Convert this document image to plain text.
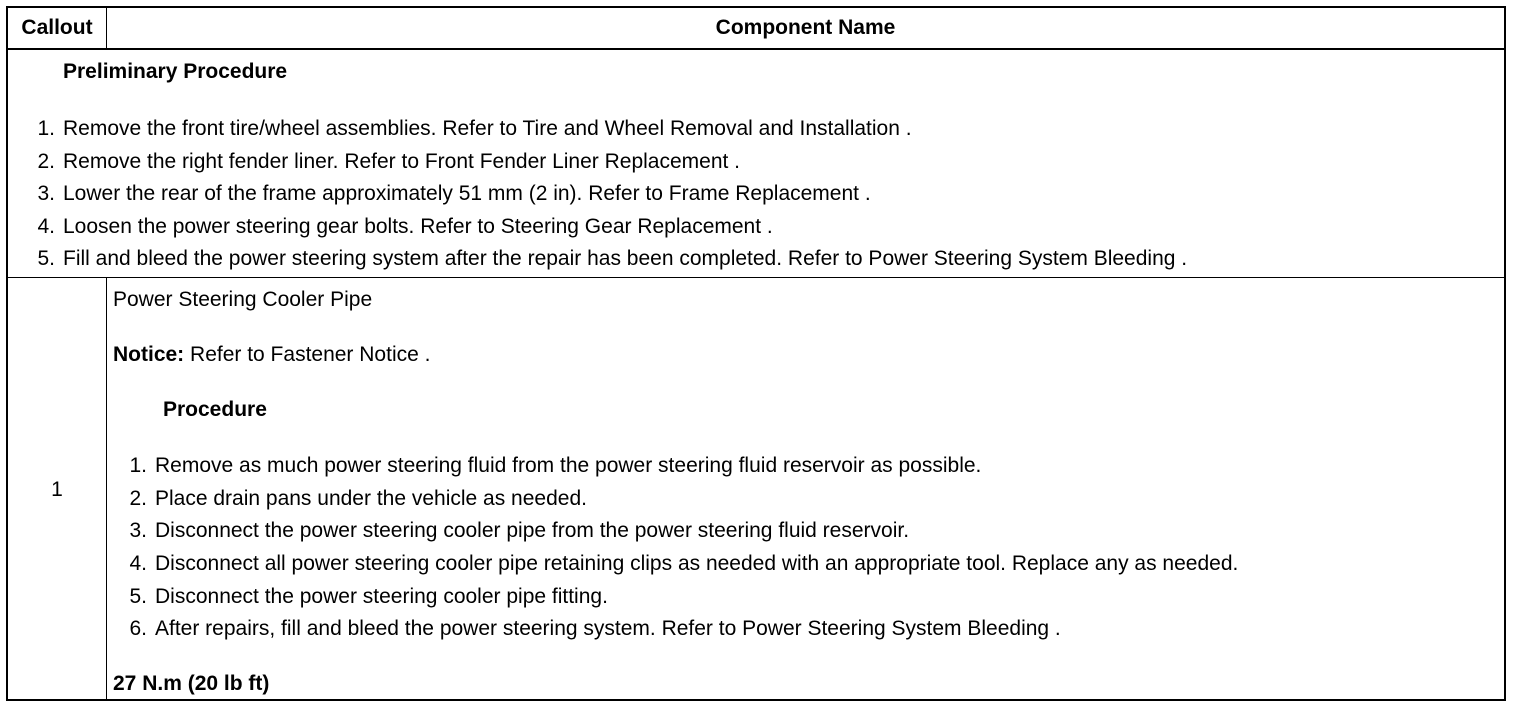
Callout	Component Name
Preliminary Procedure
1. Remove the front tire/wheel assemblies. Refer to Tire and Wheel Removal and Installation .
2. Remove the right fender liner. Refer to Front Fender Liner Replacement .
3. Lower the rear of the frame approximately 51 mm (2 in). Refer to Frame Replacement .
4. Loosen the power steering gear bolts. Refer to Steering Gear Replacement .
5. Fill and bleed the power steering system after the repair has been completed. Refer to Power Steering System Bleeding .
1
Power Steering Cooler Pipe
Notice: Refer to Fastener Notice .
Procedure
1. Remove as much power steering fluid from the power steering fluid reservoir as possible.
2. Place drain pans under the vehicle as needed.
3. Disconnect the power steering cooler pipe from the power steering fluid reservoir.
4. Disconnect all power steering cooler pipe retaining clips as needed with an appropriate tool. Replace any as needed.
5. Disconnect the power steering cooler pipe fitting.
6. After repairs, fill and bleed the power steering system. Refer to Power Steering System Bleeding .
27 N.m (20 lb ft)
